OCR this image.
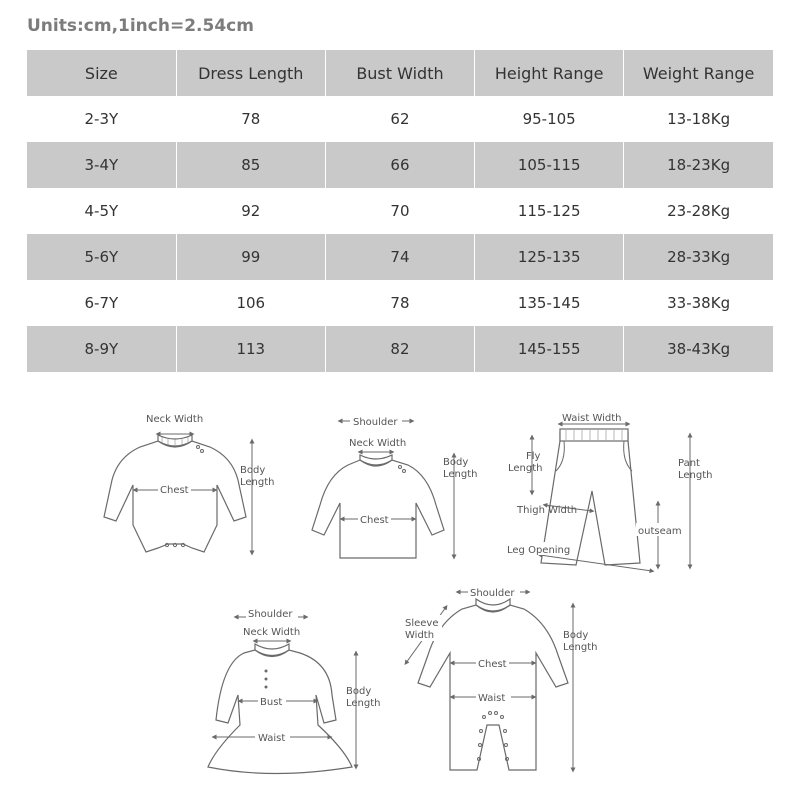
Units:cm,1inch=2.54cm
Size	Dress Length	Bust Width	Height Range	Weight Range
2-3Y	78	62	95-105	13-18Kg
3-4Y	85	66	105-115	18-23Kg
4-5Y	92	70	115-125	23-28Kg
5-6Y	99	74	125-135	28-33Kg
6-7Y	106	78	135-145	33-38Kg
8-9Y	113	82	145-155	38-43Kg
Neck Width
Chest
Body
Length
Shoulder
Neck Width
Chest
Body
Length
Waist Width
Fly
Length	Pant
Length
Thigh Width
outseam
Leg Opening
Shoulder
Neck Width
Bust
Waist
Body
Length
Shoulder
Sleeve
Width
Chest
Waist
Body
Length
